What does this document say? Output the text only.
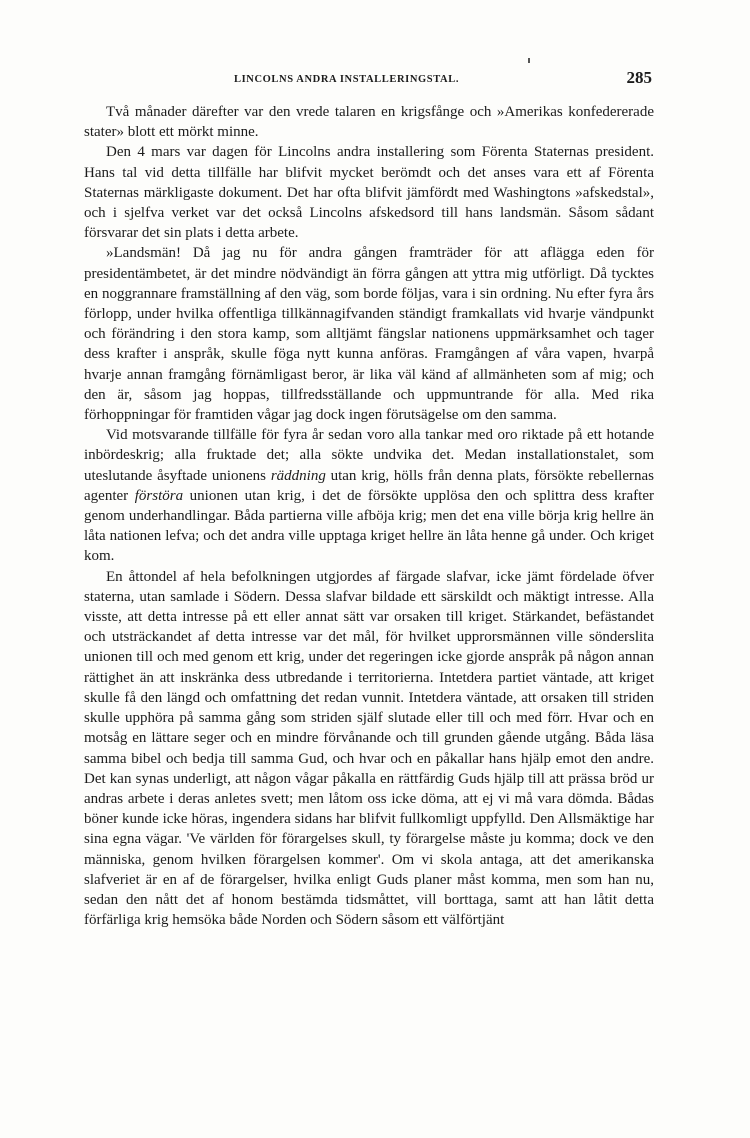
LINCOLNS ANDRA INSTALLERINGSTAL.	285

Två månader därefter var den vrede talaren en krigsfånge och »Amerikas konfedererade stater» blott ett mörkt minne.

Den 4 mars var dagen för Lincolns andra installering som Förenta Staternas president. Hans tal vid detta tillfälle har blifvit mycket berömdt och det anses vara ett af Förenta Staternas märkligaste dokument. Det har ofta blifvit jämfördt med Washingtons »afskedstal», och i sjelfva verket var det också Lincolns afskedsord till hans landsmän. Såsom sådant försvarar det sin plats i detta arbete.

»Landsmän! Då jag nu för andra gången framträder för att aflägga eden för presidentämbetet, är det mindre nödvändigt än förra gången att yttra mig utförligt. Då tycktes en noggrannare framställning af den väg, som borde följas, vara i sin ordning. Nu efter fyra års förlopp, under hvilka offentliga tillkännagifvanden ständigt framkallats vid hvarje vändpunkt och förändring i den stora kamp, som alltjämt fängslar nationens uppmärksamhet och tager dess krafter i anspråk, skulle föga nytt kunna anföras. Framgången af våra vapen, hvarpå hvarje annan framgång förnämligast beror, är lika väl känd af allmänheten som af mig; och den är, såsom jag hoppas, tillfredsställande och uppmuntrande för alla. Med rika förhoppningar för framtiden vågar jag dock ingen förutsägelse om den samma.

Vid motsvarande tillfälle för fyra år sedan voro alla tankar med oro riktade på ett hotande inbördeskrig; alla fruktade det; alla sökte undvika det. Medan installationstalet, som uteslutande åsyftade unionens räddning utan krig, hölls från denna plats, försökte rebellernas agenter förstöra unionen utan krig, i det de försökte upplösa den och splittra dess krafter genom underhandlingar. Båda partierna ville afböja krig; men det ena ville börja krig hellre än låta nationen lefva; och det andra ville upptaga kriget hellre än låta henne gå under. Och kriget kom.

En åttondel af hela befolkningen utgjordes af färgade slafvar, icke jämt fördelade öfver staterna, utan samlade i Södern. Dessa slafvar bildade ett särskildt och mäktigt intresse. Alla visste, att detta intresse på ett eller annat sätt var orsaken till kriget. Stärkandet, befästandet och utsträckandet af detta intresse var det mål, för hvilket upprorsmännen ville sönderslita unionen till och med genom ett krig, under det regeringen icke gjorde anspråk på någon annan rättighet än att inskränka dess utbredande i territorierna. Intetdera partiet väntade, att kriget skulle få den längd och omfattning det redan vunnit. Intetdera väntade, att orsaken till striden skulle upphöra på samma gång som striden själf slutade eller till och med förr. Hvar och en motsåg en lättare seger och en mindre förvånande och till grunden gående utgång. Båda läsa samma bibel och bedja till samma Gud, och hvar och en påkallar hans hjälp emot den andre. Det kan synas underligt, att någon vågar påkalla en rättfärdig Guds hjälp till att prässa bröd ur andras arbete i deras anletes svett; men låtom oss icke döma, att ej vi må vara dömda. Bådas böner kunde icke höras, ingendera sidans har blifvit fullkomligt uppfylld. Den Allsmäktige har sina egna vägar. 'Ve världen för förargelses skull, ty förargelse måste ju komma; dock ve den människa, genom hvilken förargelsen kommer'. Om vi skola antaga, att det amerikanska slafveriet är en af de förargelser, hvilka enligt Guds planer måst komma, men som han nu, sedan den nått det af honom bestämda tidsmåttet, vill borttaga, samt att han låtit detta förfärliga krig hemsöka både Norden och Södern såsom ett välförtjänt
